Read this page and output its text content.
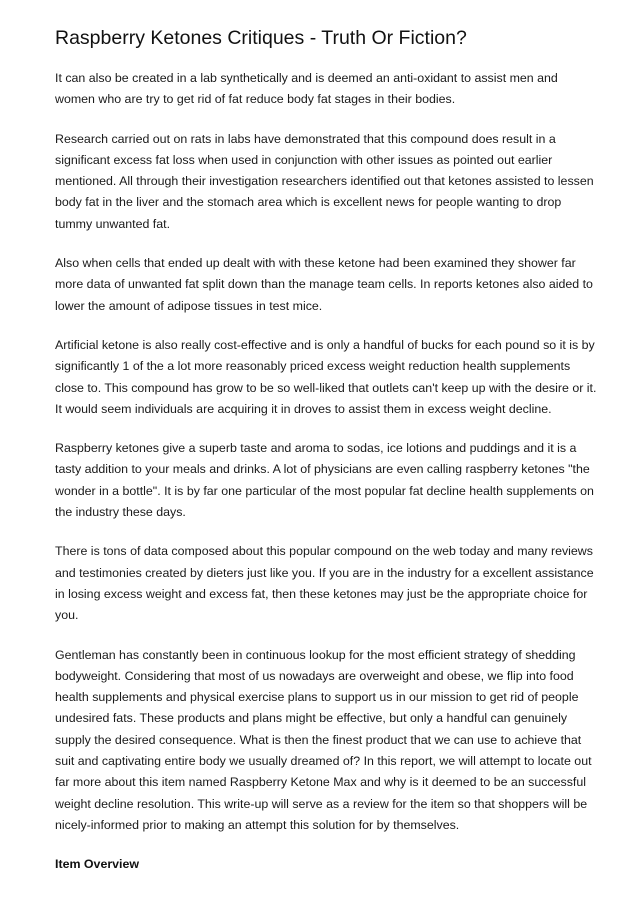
Raspberry Ketones Critiques - Truth Or Fiction?

It can also be created in a lab synthetically and is deemed an anti-oxidant to assist men and women who are try to get rid of fat reduce body fat stages in their bodies.

Research carried out on rats in labs have demonstrated that this compound does result in a significant excess fat loss when used in conjunction with other issues as pointed out earlier mentioned. All through their investigation researchers identified out that ketones assisted to lessen body fat in the liver and the stomach area which is excellent news for people wanting to drop tummy unwanted fat.

Also when cells that ended up dealt with with these ketone had been examined they shower far more data of unwanted fat split down than the manage team cells. In reports ketones also aided to lower the amount of adipose tissues in test mice.

Artificial ketone is also really cost-effective and is only a handful of bucks for each pound so it is by significantly 1 of the a lot more reasonably priced excess weight reduction health supplements close to. This compound has grow to be so well-liked that outlets can't keep up with the desire or it. It would seem individuals are acquiring it in droves to assist them in excess weight decline.

Raspberry ketones give a superb taste and aroma to sodas, ice lotions and puddings and it is a tasty addition to your meals and drinks. A lot of physicians are even calling raspberry ketones "the wonder in a bottle". It is by far one particular of the most popular fat decline health supplements on the industry these days.

There is tons of data composed about this popular compound on the web today and many reviews and testimonies created by dieters just like you. If you are in the industry for a excellent assistance in losing excess weight and excess fat, then these ketones may just be the appropriate choice for you.

Gentleman has constantly been in continuous lookup for the most efficient strategy of shedding bodyweight. Considering that most of us nowadays are overweight and obese, we flip into food health supplements and physical exercise plans to support us in our mission to get rid of people undesired fats. These products and plans might be effective, but only a handful can genuinely supply the desired consequence. What is then the finest product that we can use to achieve that suit and captivating entire body we usually dreamed of? In this report, we will attempt to locate out far more about this item named Raspberry Ketone Max and why is it deemed to be an successful weight decline resolution. This write-up will serve as a review for the item so that shoppers will be nicely-informed prior to making an attempt this solution for by themselves.

Item Overview
